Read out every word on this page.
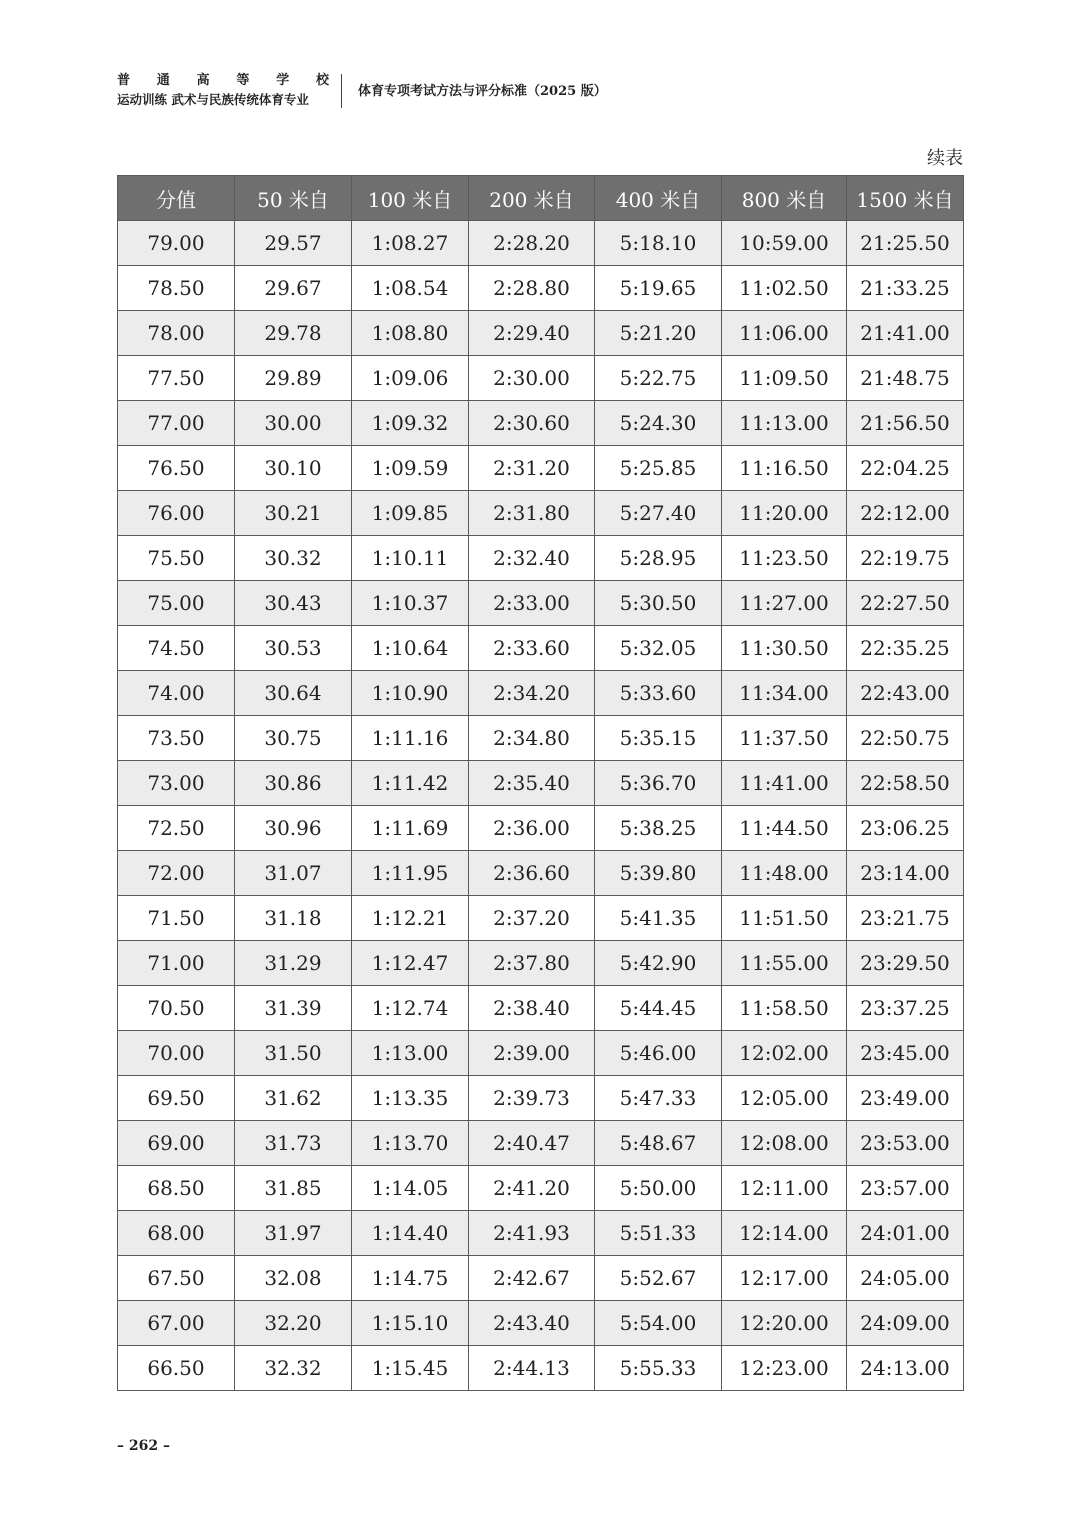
普 通 高 等 学 校
运动训练 武术与民族传统体育专业
体育专项考试方法与评分标准（2025 版）
续表
分值	50 米自	100 米自	200 米自	400 米自	800 米自	1500 米自
79.00	29.57	1:08.27	2:28.20	5:18.10	10:59.00	21:25.50
78.50	29.67	1:08.54	2:28.80	5:19.65	11:02.50	21:33.25
78.00	29.78	1:08.80	2:29.40	5:21.20	11:06.00	21:41.00
77.50	29.89	1:09.06	2:30.00	5:22.75	11:09.50	21:48.75
77.00	30.00	1:09.32	2:30.60	5:24.30	11:13.00	21:56.50
76.50	30.10	1:09.59	2:31.20	5:25.85	11:16.50	22:04.25
76.00	30.21	1:09.85	2:31.80	5:27.40	11:20.00	22:12.00
75.50	30.32	1:10.11	2:32.40	5:28.95	11:23.50	22:19.75
75.00	30.43	1:10.37	2:33.00	5:30.50	11:27.00	22:27.50
74.50	30.53	1:10.64	2:33.60	5:32.05	11:30.50	22:35.25
74.00	30.64	1:10.90	2:34.20	5:33.60	11:34.00	22:43.00
73.50	30.75	1:11.16	2:34.80	5:35.15	11:37.50	22:50.75
73.00	30.86	1:11.42	2:35.40	5:36.70	11:41.00	22:58.50
72.50	30.96	1:11.69	2:36.00	5:38.25	11:44.50	23:06.25
72.00	31.07	1:11.95	2:36.60	5:39.80	11:48.00	23:14.00
71.50	31.18	1:12.21	2:37.20	5:41.35	11:51.50	23:21.75
71.00	31.29	1:12.47	2:37.80	5:42.90	11:55.00	23:29.50
70.50	31.39	1:12.74	2:38.40	5:44.45	11:58.50	23:37.25
70.00	31.50	1:13.00	2:39.00	5:46.00	12:02.00	23:45.00
69.50	31.62	1:13.35	2:39.73	5:47.33	12:05.00	23:49.00
69.00	31.73	1:13.70	2:40.47	5:48.67	12:08.00	23:53.00
68.50	31.85	1:14.05	2:41.20	5:50.00	12:11.00	23:57.00
68.00	31.97	1:14.40	2:41.93	5:51.33	12:14.00	24:01.00
67.50	32.08	1:14.75	2:42.67	5:52.67	12:17.00	24:05.00
67.00	32.20	1:15.10	2:43.40	5:54.00	12:20.00	24:09.00
66.50	32.32	1:15.45	2:44.13	5:55.33	12:23.00	24:13.00
– 262 –
